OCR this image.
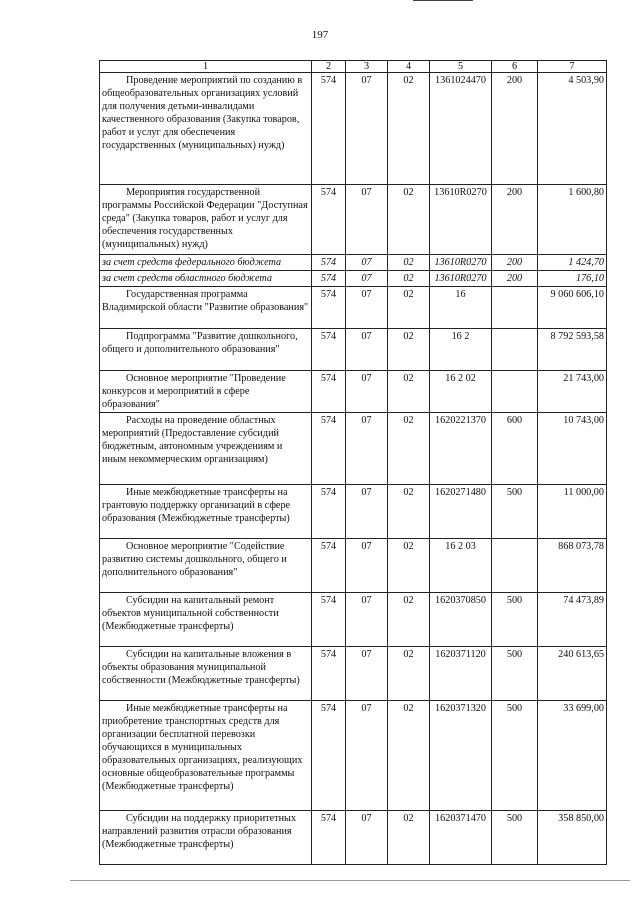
197
1	2	3	4	5	6	7

Проведение мероприятий по созданию в общеобразовательных организациях условий для получения детьми-инвалидами качественного образования (Закупка товаров, работ и услуг для обеспечения государственных (муниципальных) нужд)	574	07	02	1361024470	200	4 503,90

Мероприятия государственной программы Российской Федерации "Доступная среда" (Закупка товаров, работ и услуг для обеспечения государственных (муниципальных) нужд)	574	07	02	13610R0270	200	1 600,80
за счет средств федерального бюджета	574	07	02	13610R0270	200	1 424,70
за счет средств областного бюджета	574	07	02	13610R0270	200	176,10

Государственная программа Владимирской области "Развитие образования"	574	07	02	16		9 060 606,10

Подпрограмма "Развитие дошкольного, общего и дополнительного образования"	574	07	02	16 2		8 792 593,58

Основное мероприятие "Проведение конкурсов и мероприятий в сфере образования"	574	07	02	16 2 02		21 743,00

Расходы на проведение областных мероприятий (Предоставление субсидий бюджетным, автономным учреждениям и иным некоммерческим организациям)	574	07	02	1620221370	600	10 743,00

Иные межбюджетные трансферты на грантовую поддержку организаций в сфере образования (Межбюджетные трансферты)	574	07	02	1620271480	500	11 000,00

Основное мероприятие "Содействие развитию системы дошкольного, общего и дополнительного образования"	574	07	02	16 2 03		868 073,78

Субсидии на капитальный ремонт объектов муниципальной собственности (Межбюджетные трансферты)	574	07	02	1620370850	500	74 473,89

Субсидии на капитальные вложения в объекты образования муниципальной собственности (Межбюджетные трансферты)	574	07	02	1620371120	500	240 613,65

Иные межбюджетные трансферты на приобретение транспортных средств для организации бесплатной перевозки обучающихся в муниципальных образовательных организациях, реализующих основные общеобразовательные программы (Межбюджетные трансферты)	574	07	02	1620371320	500	33 699,00

Субсидии на поддержку приоритетных направлений развития отрасли образования (Межбюджетные трансферты)	574	07	02	1620371470	500	358 850,00
